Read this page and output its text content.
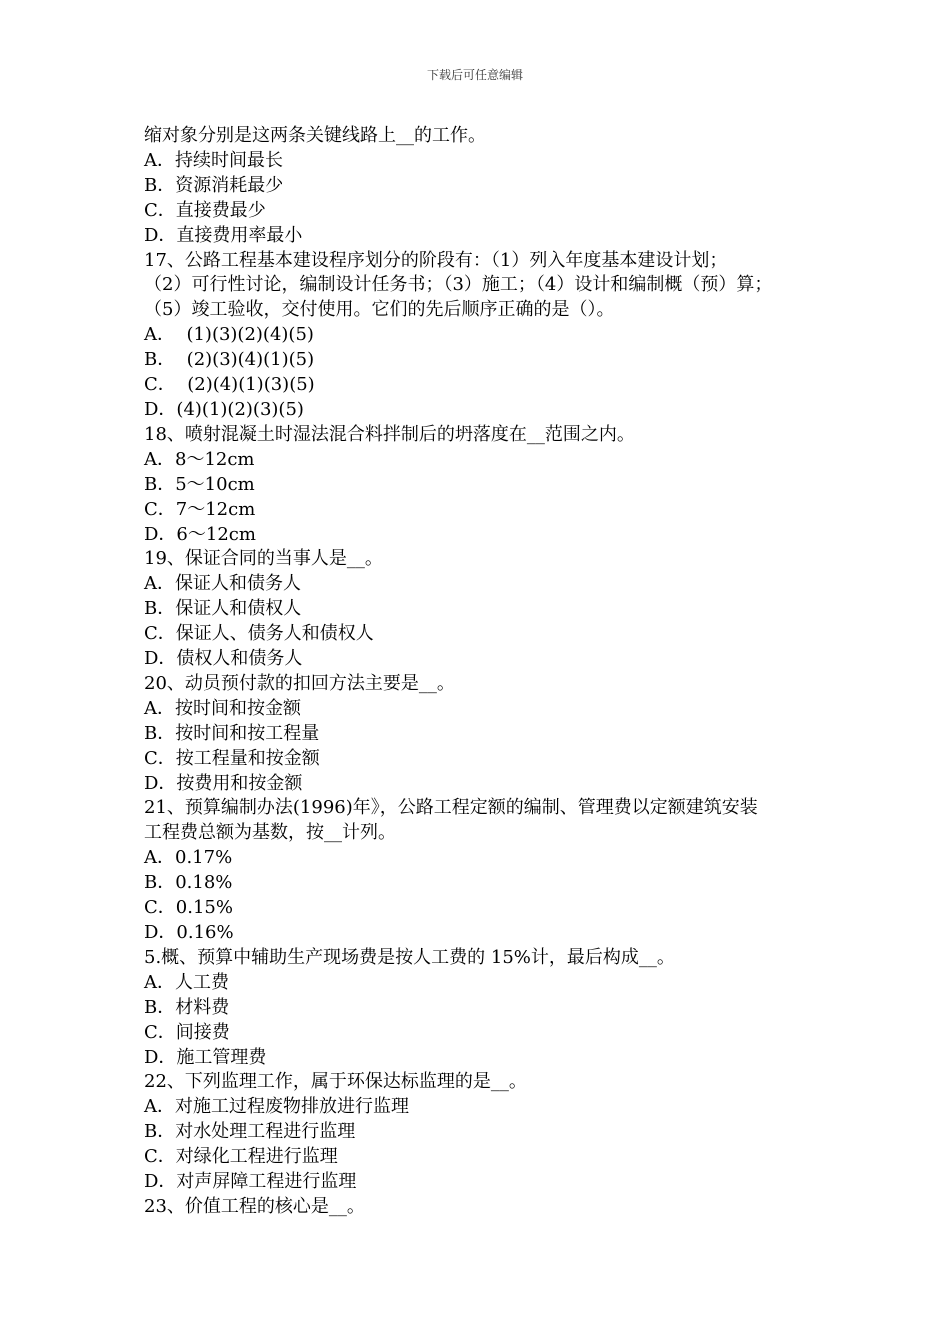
下载后可任意编辑

缩对象分别是这两条关键线路上__的工作。

A．持续时间最长

B．资源消耗最少

C．直接费最少

D．直接费用率最小

17、公路工程基本建设程序划分的阶段有：（1）列入年度基本建设计划；

（2）可行性讨论，编制设计任务书；（3）施工；（4）设计和编制概（预）算；

（5）竣工验收，交付使用。它们的先后顺序正确的是（）。

A．  (1)(3)(2)(4)(5)

B．  (2)(3)(4)(1)(5)

C．  (2)(4)(1)(3)(5)

D．(4)(1)(2)(3)(5)

18、喷射混凝土时湿法混合料拌制后的坍落度在__范围之内。

A．8～12cm

B．5～10cm

C．7～12cm

D．6～12cm

19、保证合同的当事人是__。

A．保证人和债务人

B．保证人和债权人

C．保证人、债务人和债权人

D．债权人和债务人

20、动员预付款的扣回方法主要是__。

A．按时间和按金额

B．按时间和按工程量

C．按工程量和按金额

D．按费用和按金额

21、预算编制办法(1996)年》，公路工程定额的编制、管理费以定额建筑安装

工程费总额为基数，按__计列。

A．0.17%

B．0.18%

C．0.15%

D．0.16%

5.概、预算中辅助生产现场费是按人工费的 15%计，最后构成__。

A．人工费

B．材料费

C．间接费

D．施工管理费

22、下列监理工作，属于环保达标监理的是__。

A．对施工过程废物排放进行监理

B．对水处理工程进行监理

C．对绿化工程进行监理

D．对声屏障工程进行监理

23、价值工程的核心是__。
